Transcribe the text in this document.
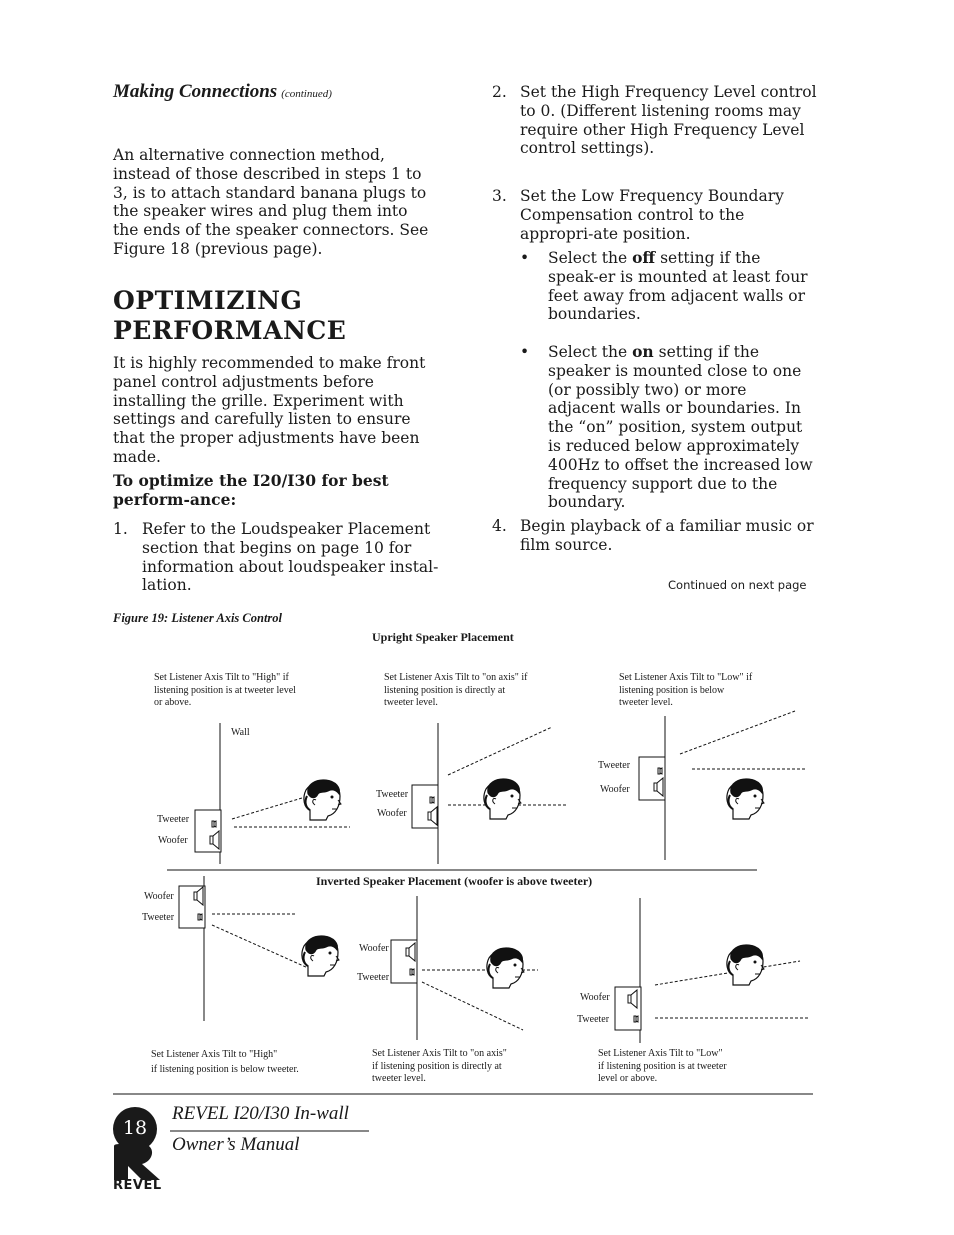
Making Connections (continued)
An alternative connection method, instead of those described in steps 1 to 3, is to attach standard banana plugs to the speaker wires and plug them into the ends of the speaker connectors. See Figure 18 (previous page).
OPTIMIZING
PERFORMANCE
It is highly recommended to make front panel control adjustments before installing the grille. Experiment with settings and carefully listen to ensure that the proper adjustments have been made.
To optimize the I20/I30 for best perform-ance:
1. Refer to the Loudspeaker Placement section that begins on page 10 for information about loudspeaker instal-lation.
2. Set the High Frequency Level control to 0. (Different listening rooms may require other High Frequency Level control settings).
3. Set the Low Frequency Boundary Compensation control to the appropri-ate position.
• Select the off setting if the speak-er is mounted at least four feet away from adjacent walls or boundaries.
• Select the on setting if the speaker is mounted close to one (or possibly two) or more adjacent walls or boundaries. In the “on” position, system output is reduced below approximately 400Hz to offset the increased low frequency support due to the boundary.
4. Begin playback of a familiar music or film source.
Continued on next page
Figure 19: Listener Axis Control
Upright Speaker Placement
Set Listener Axis Tilt to "High" if
listening position is at tweeter level
or above.
Set Listener Axis Tilt to "on axis" if
listening position is directly at
tweeter level.
Set Listener Axis Tilt to "Low" if
listening position is below
tweeter level.
Wall
Tweeter
Woofer
Tweeter
Woofer
Tweeter
Woofer
Inverted Speaker Placement (woofer is above tweeter)
Woofer
Tweeter
Woofer
Tweeter
Woofer
Tweeter
Set Listener Axis Tilt to "High"
if listening position is below tweeter.
Set Listener Axis Tilt to "on axis"
if listening position is directly at
tweeter level.
Set Listener Axis Tilt to "Low"
if listening position is at tweeter
level or above.
18
REVEL
REVEL I20/I30 In-wall
Owner’s Manual
